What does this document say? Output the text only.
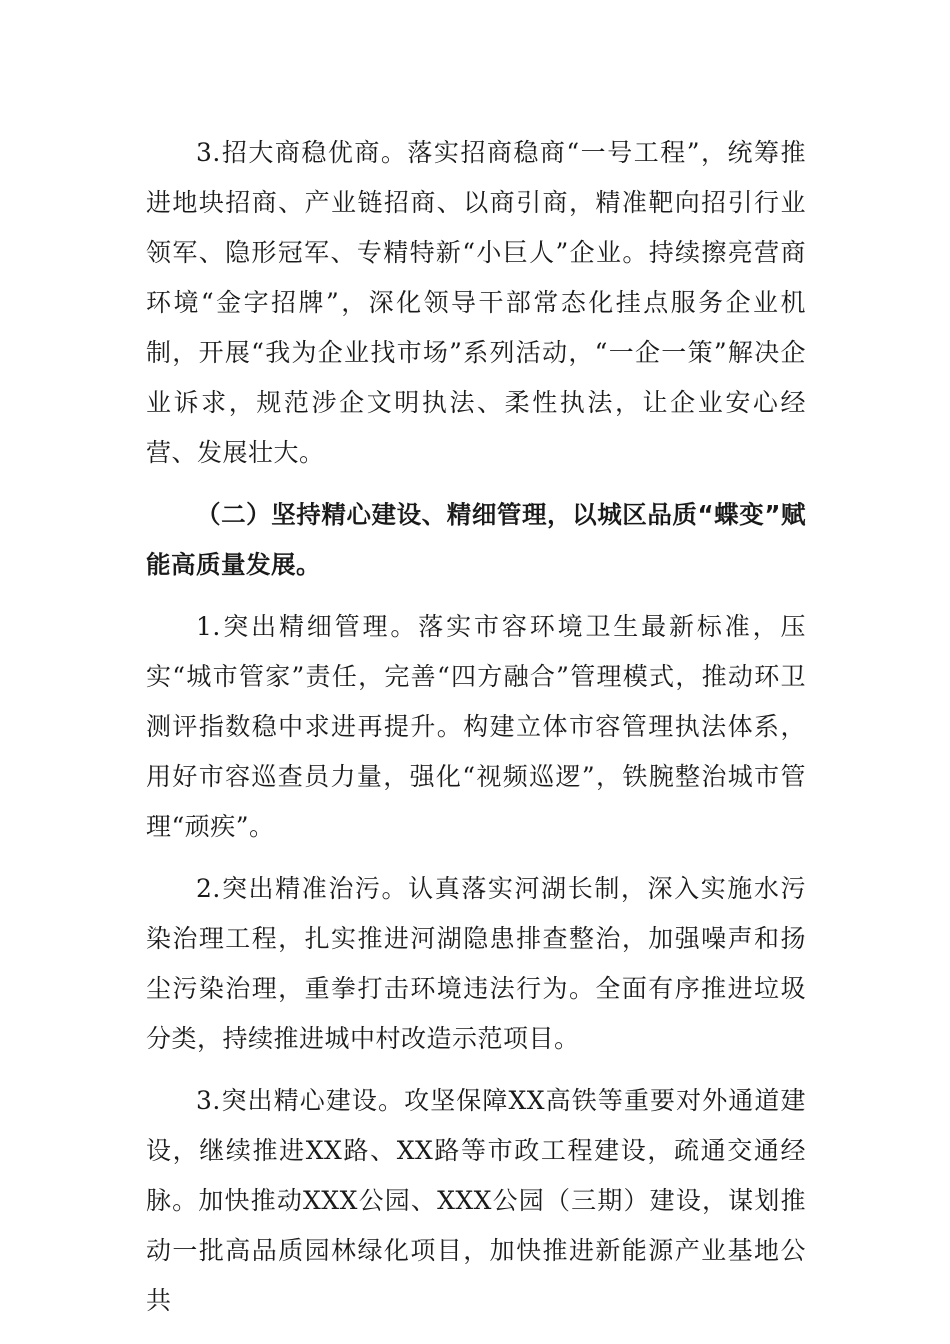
3.招大商稳优商。落实招商稳商“一号工程”，统筹推进地块招商、产业链招商、以商引商，精准靶向招引行业领军、隐形冠军、专精特新“小巨人”企业。持续擦亮营商环境“金字招牌”，深化领导干部常态化挂点服务企业机制，开展“我为企业找市场”系列活动，“一企一策”解决企业诉求，规范涉企文明执法、柔性执法，让企业安心经营、发展壮大。

（二）坚持精心建设、精细管理，以城区品质“蝶变”赋能高质量发展。

1.突出精细管理。落实市容环境卫生最新标准，压实“城市管家”责任，完善“四方融合”管理模式，推动环卫测评指数稳中求进再提升。构建立体市容管理执法体系，用好市容巡查员力量，强化“视频巡逻”，铁腕整治城市管理“顽疾”。

2.突出精准治污。认真落实河湖长制，深入实施水污染治理工程，扎实推进河湖隐患排查整治，加强噪声和扬尘污染治理，重拳打击环境违法行为。全面有序推进垃圾分类，持续推进城中村改造示范项目。

3.突出精心建设。攻坚保障XX高铁等重要对外通道建设，继续推进XX路、XX路等市政工程建设，疏通交通经脉。加快推动XXX公园、XXX公园（三期）建设，谋划推动一批高品质园林绿化项目，加快推进新能源产业基地公共
